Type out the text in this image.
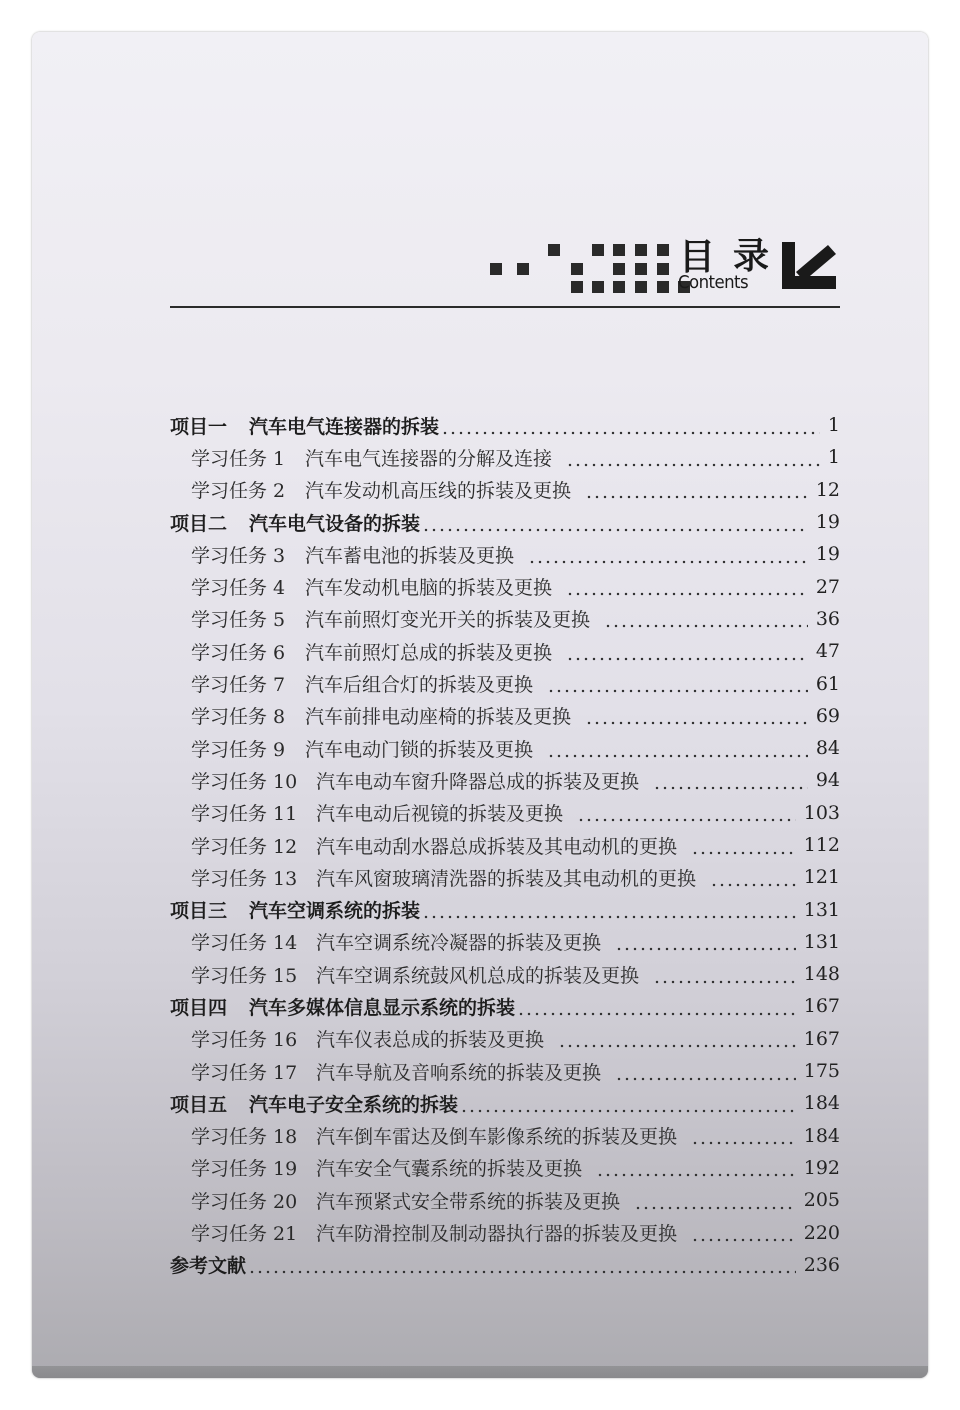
目 录
Contents
项目一	汽车电气连接器的拆装	1
学习任务 1	汽车电气连接器的分解及连接	1
学习任务 2	汽车发动机高压线的拆装及更换	12
项目二	汽车电气设备的拆装	19
学习任务 3	汽车蓄电池的拆装及更换	19
学习任务 4	汽车发动机电脑的拆装及更换	27
学习任务 5	汽车前照灯变光开关的拆装及更换	36
学习任务 6	汽车前照灯总成的拆装及更换	47
学习任务 7	汽车后组合灯的拆装及更换	61
学习任务 8	汽车前排电动座椅的拆装及更换	69
学习任务 9	汽车电动门锁的拆装及更换	84
学习任务 10 汽车电动车窗升降器总成的拆装及更换	94
学习任务 11 汽车电动后视镜的拆装及更换	103
学习任务 12 汽车电动刮水器总成拆装及其电动机的更换	112
学习任务 13 汽车风窗玻璃清洗器的拆装及其电动机的更换	121
项目三	汽车空调系统的拆装	131
学习任务 14 汽车空调系统冷凝器的拆装及更换	131
学习任务 15 汽车空调系统鼓风机总成的拆装及更换	148
项目四	汽车多媒体信息显示系统的拆装	167
学习任务 16 汽车仪表总成的拆装及更换	167
学习任务 17 汽车导航及音响系统的拆装及更换	175
项目五	汽车电子安全系统的拆装	184
学习任务 18 汽车倒车雷达及倒车影像系统的拆装及更换	184
学习任务 19 汽车安全气囊系统的拆装及更换	192
学习任务 20 汽车预紧式安全带系统的拆装及更换	205
学习任务 21 汽车防滑控制及制动器执行器的拆装及更换	220
参考文献	236
